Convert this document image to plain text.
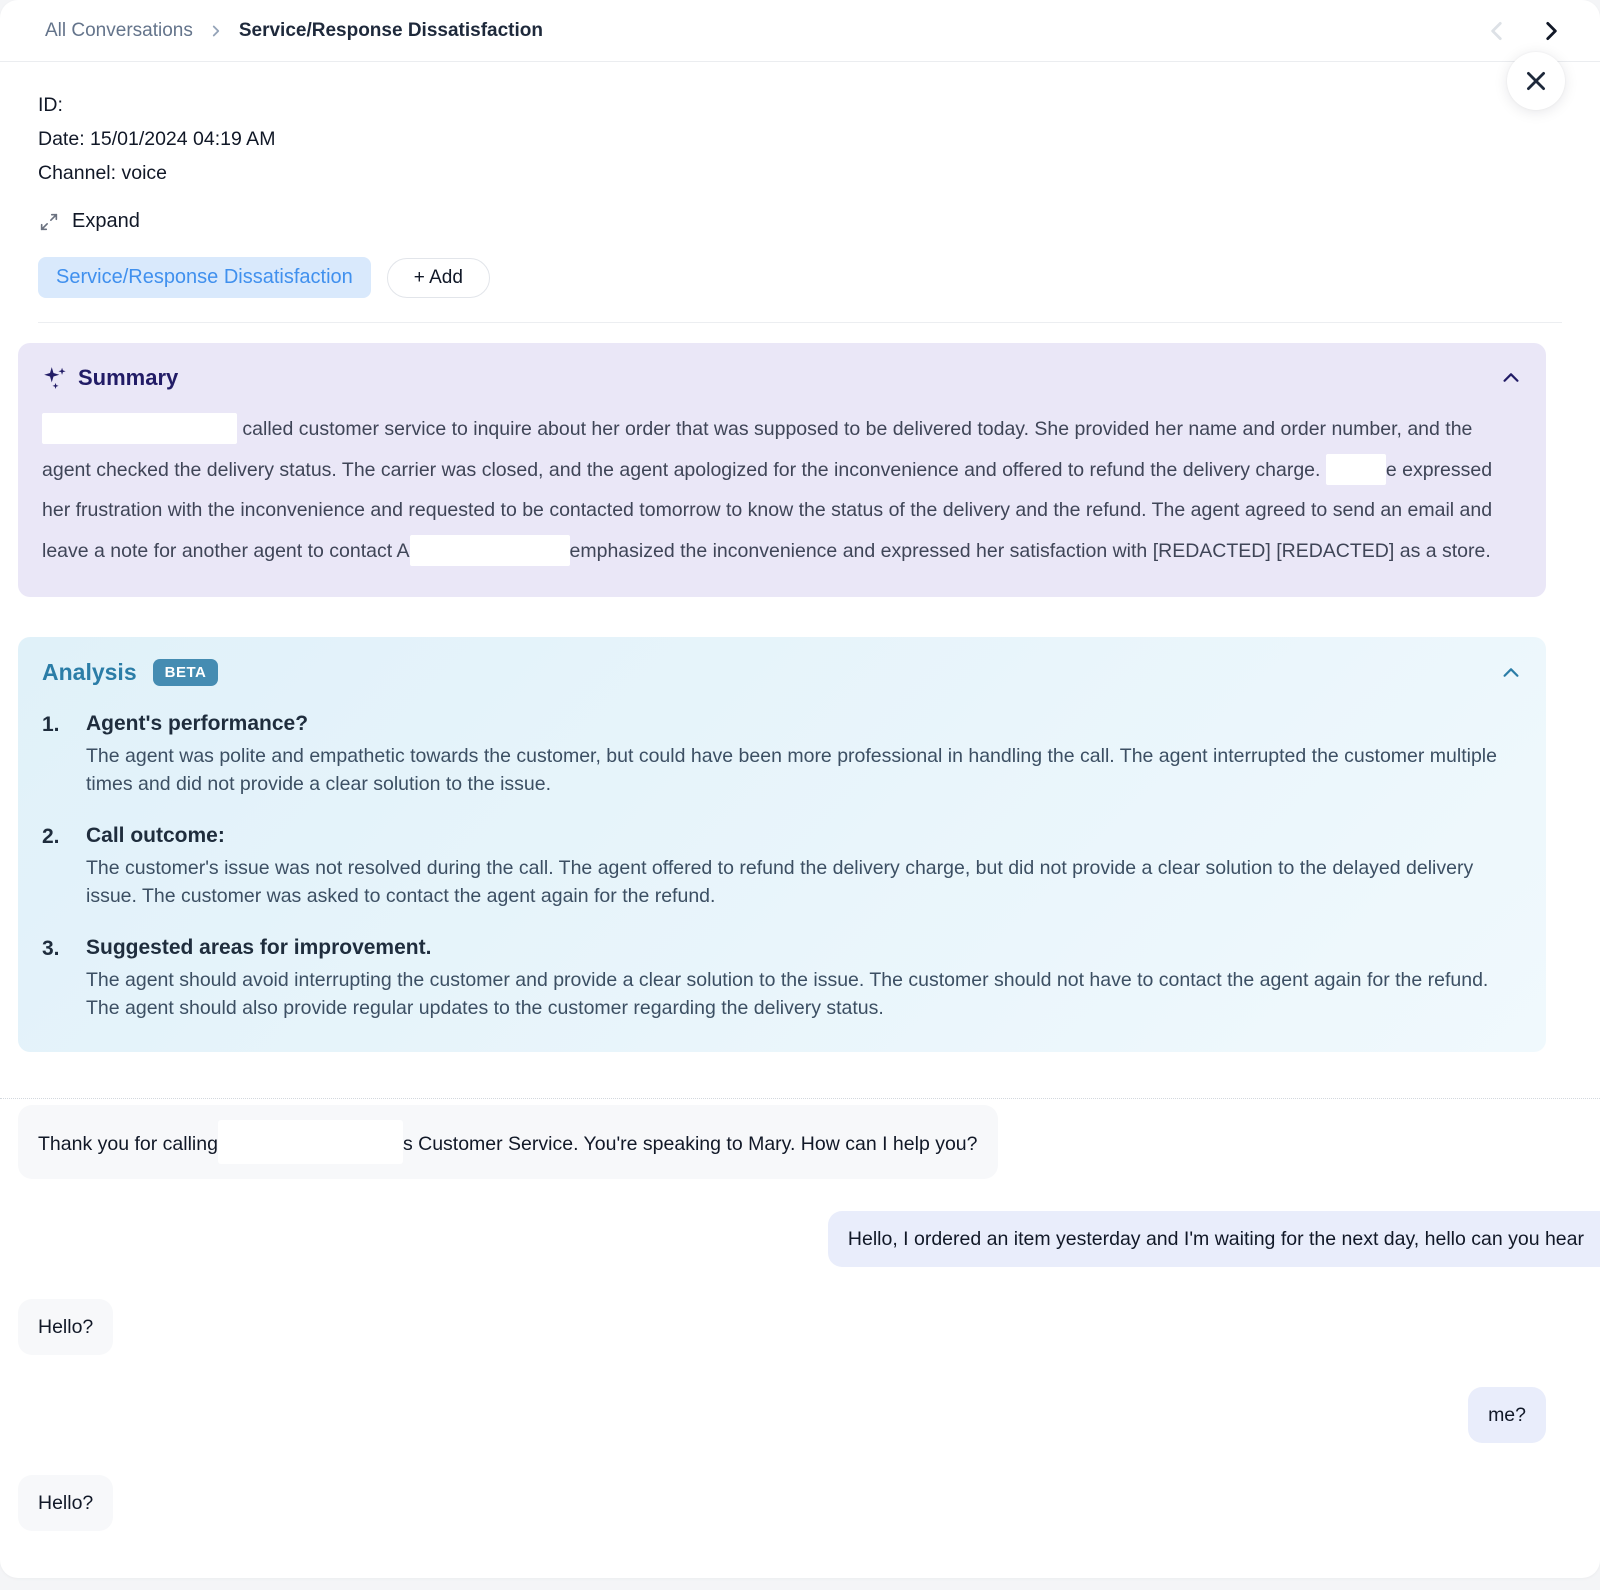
All Conversations Service/Response Dissatisfaction
ID:
Date: 15/01/2024 04:19 AM
Channel: voice
Expand
Service/Response Dissatisfaction	+ Add
Summary
called customer service to inquire about her order that was supposed to be delivered today. She provided her name and order number, and the agent checked the delivery status. The carrier was closed, and the agent apologized for the inconvenience and offered to refund the delivery charge.	e expressed her frustration with the inconvenience and requested to be contacted tomorrow to know the status of the delivery and the refund. The agent agreed to send an email and leave a note for another agent to contact A	emphasized the inconvenience and expressed her satisfaction with [REDACTED] [REDACTED] as a store.
Analysis	BETA
1.	Agent's performance?
The agent was polite and empathetic towards the customer, but could have been more professional in handling the call. The agent interrupted the customer multiple times and did not provide a clear solution to the issue.
2.	Call outcome:
The customer's issue was not resolved during the call. The agent offered to refund the delivery charge, but did not provide a clear solution to the delayed delivery issue. The customer was asked to contact the agent again for the refund.
3.	Suggested areas for improvement.
The agent should avoid interrupting the customer and provide a clear solution to the issue. The customer should not have to contact the agent again for the refund. The agent should also provide regular updates to the customer regarding the delivery status.
Thank you for calling	s Customer Service. You're speaking to Mary. How can I help you?
Hello, I ordered an item yesterday and I'm waiting for the next day, hello can you hear
Hello?
me?
Hello?
